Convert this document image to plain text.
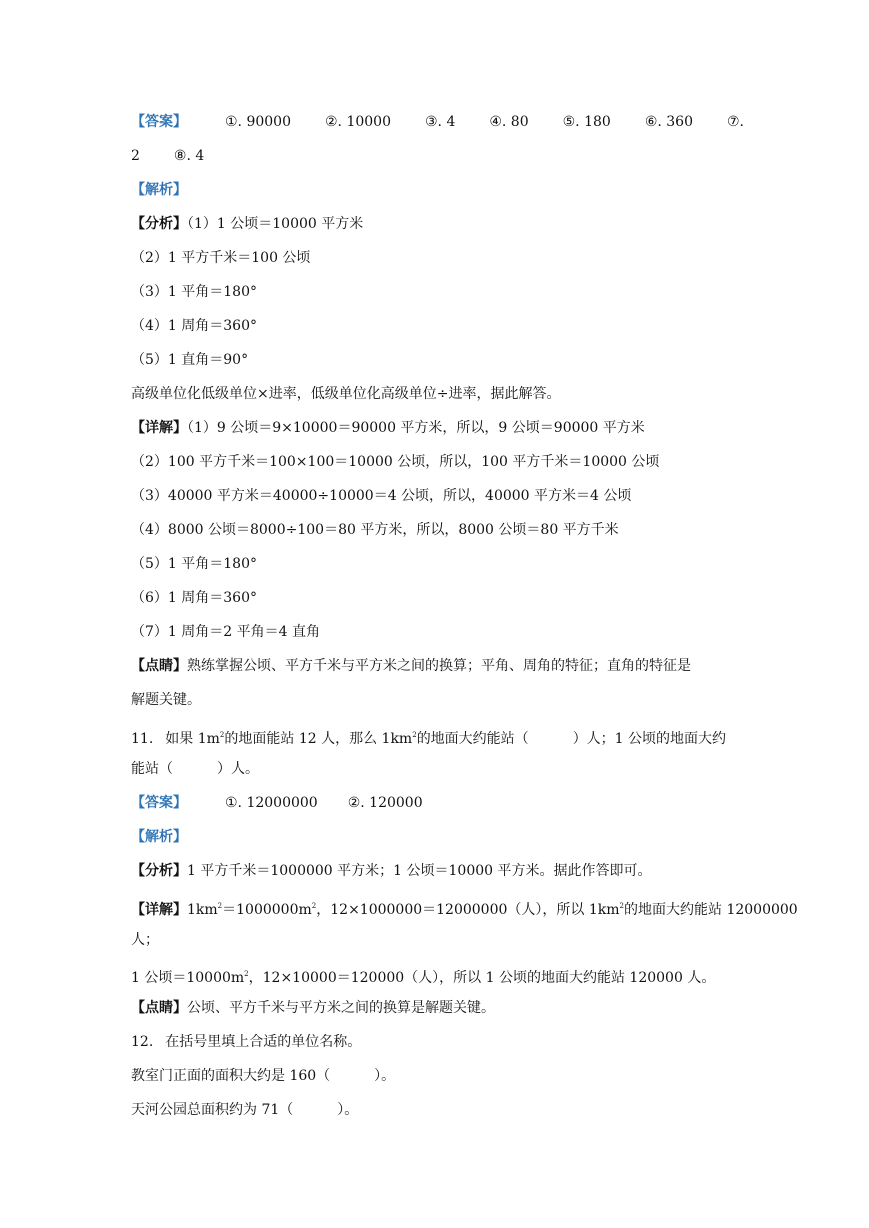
【答案】	①. 90000 ②. 10000 ③. 4 ④. 80 ⑤. 180 ⑥. 360 ⑦.
2 ⑧. 4
【解析】
【分析】（1）1 公顷＝10000 平方米
（2）1 平方千米＝100 公顷
（3）1 平角＝180°
（4）1 周角＝360°
（5）1 直角＝90°
高级单位化低级单位×进率，低级单位化高级单位÷进率，据此解答。
【详解】（1）9 公顷＝9×10000＝90000 平方米，所以，9 公顷＝90000 平方米
（2）100 平方千米＝100×100＝10000 公顷，所以，100 平方千米＝10000 公顷
（3）40000 平方米＝40000÷10000＝4 公顷，所以，40000 平方米＝4 公顷
（4）8000 公顷＝8000÷100＝80 平方米，所以，8000 公顷＝80 平方千米
（5）1 平角＝180°
（6）1 周角＝360°
（7）1 周角＝2 平角＝4 直角
【点睛】熟练掌握公顷、平方千米与平方米之间的换算；平角、周角的特征；直角的特征是
解题关键。
11. 如果 $1m^2$的地面能站 12 人，那么 $1km^2$的地面大约能站（	）人；1 公顷的地面大约
能站（	）人。
【答案】	①. 12000000 ②. 120000
【解析】
【分析】1 平方千米＝1000000 平方米；1 公顷＝10000 平方米。据此作答即可。
【详解】$1km^2=1000000m^2$，12×1000000＝12000000（人），所以 $1km^2$的地面大约能站 12000000
人；
1 公顷$=10000m^2$，12×10000＝120000（人），所以 1 公顷的地面大约能站 120000 人。
【点睛】公顷、平方千米与平方米之间的换算是解题关键。
12. 在括号里填上合适的单位名称。
教室门正面的面积大约是 160（	）。
天河公园总面积约为 71（	）。
